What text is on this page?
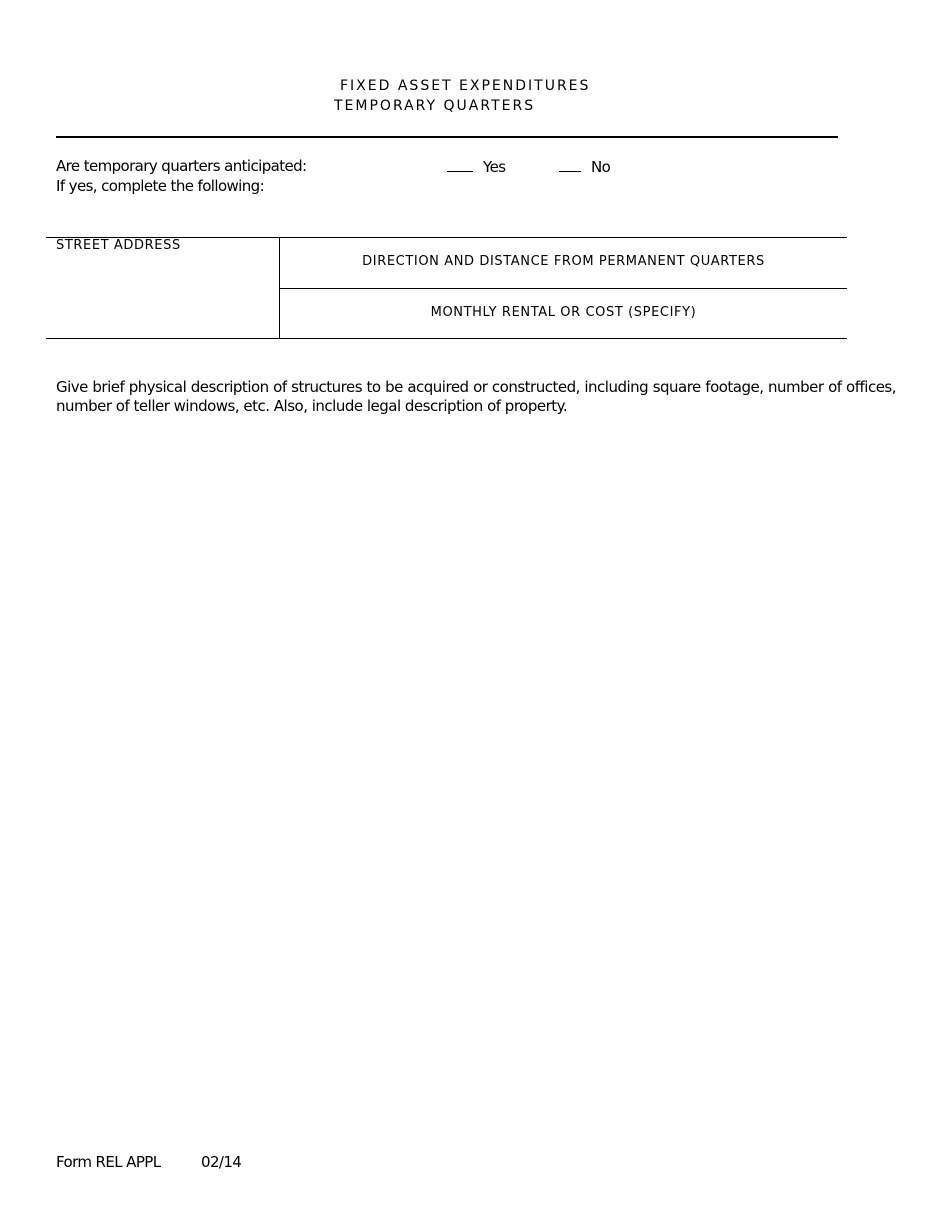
FIXED ASSET EXPENDITURES
TEMPORARY QUARTERS
Are temporary quarters anticipated:	Yes	No
If yes, complete the following:
STREET ADDRESS
DIRECTION AND DISTANCE FROM PERMANENT QUARTERS
MONTHLY RENTAL OR COST (SPECIFY)
Give brief physical description of structures to be acquired or constructed, including square footage, number of offices, number of teller windows, etc. Also, include legal description of property.
Form REL APPL	02/14
